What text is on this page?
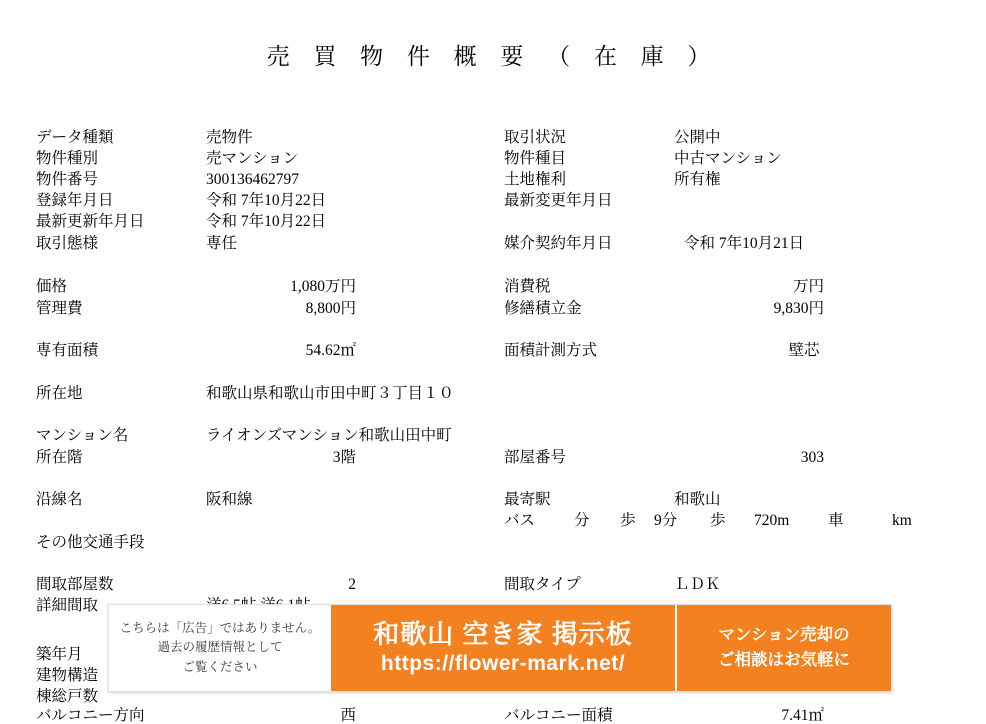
売 買 物 件 概 要 （ 在 庫 ）
データ種類	売物件	取引状況	公開中
物件種別	売マンション	物件種目	中古マンション
物件番号	300136462797	土地権利	所有権
登録年月日	令和 7年10月22日	最新変更年月日
最新更新年月日	令和 7年10月22日
取引態様	専任	媒介契約年月日	令和 7年10月21日
価格	1,080万円	消費税	万円
管理費	8,800円	修繕積立金	9,830円
専有面積	54.62㎡	面積計測方式	壁芯
所在地	和歌山県和歌山市田中町３丁目１０
マンション名	ライオンズマンション和歌山田中町
所在階	3階	部屋番号	303
沿線名	阪和線	最寄駅	和歌山
バス	分 歩 9分 歩 720m 車	km
その他交通手段
間取部屋数	2	間取タイプ	ＬＤＫ
詳細間取
築年月
建物構造
棟総戸数
バルコニー方向	西	バルコニー面積	7.41㎡
こちらは「広告」ではありません。
過去の履歴情報として
ご覧ください
和歌山 空き家 掲示板
https://flower-mark.net/
マンション売却の
ご相談はお気軽に
